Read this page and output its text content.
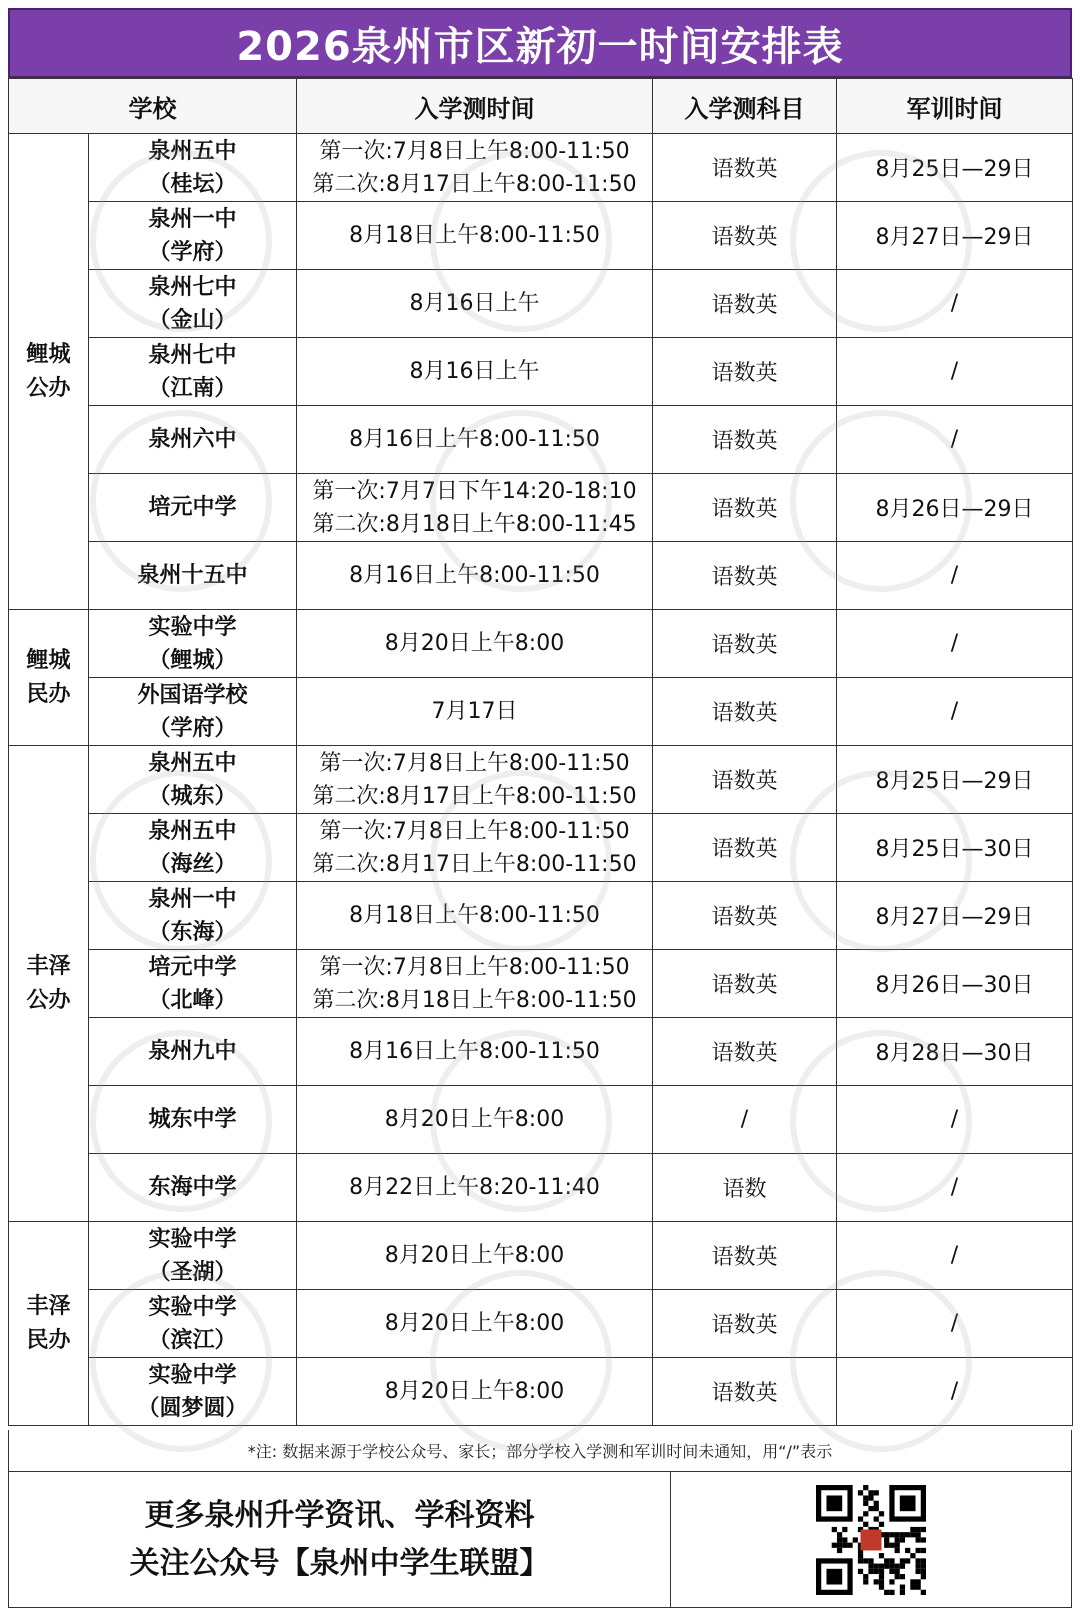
2026泉州市区新初一时间安排表
学校		入学测时间	入学测科目	军训时间

鲤城
公办	泉州五中
（桂坛）	第一次:7月8日上午8:00-11:50
第二次:8月17日上午8:00-11:50	语数英	8月25日—29日

	泉州一中
（学府）	8月18日上午8:00-11:50	语数英	8月27日—29日

	泉州七中
（金山）	8月16日上午	语数英	/

	泉州七中
（江南）	8月16日上午	语数英	/

	泉州六中	8月16日上午8:00-11:50	语数英	/

	培元中学	第一次:7月7日下午14:20-18:10
第二次:8月18日上午8:00-11:45	语数英	8月26日—29日

	泉州十五中	8月16日上午8:00-11:50	语数英	/

鲤城
民办	实验中学
（鲤城）	8月20日上午8:00	语数英	/

	外国语学校
（学府）	7月17日	语数英	/

丰泽
公办	泉州五中
（城东）	第一次:7月8日上午8:00-11:50
第二次:8月17日上午8:00-11:50	语数英	8月25日—29日

	泉州五中
（海丝）	第一次:7月8日上午8:00-11:50
第二次:8月17日上午8:00-11:50	语数英	8月25日—30日

	泉州一中
（东海）	8月18日上午8:00-11:50	语数英	8月27日—29日

	培元中学
（北峰）	第一次:7月8日上午8:00-11:50
第二次:8月18日上午8:00-11:50	语数英	8月26日—30日

	泉州九中	8月16日上午8:00-11:50	语数英	8月28日—30日

	城东中学	8月20日上午8:00	/	/

	东海中学	8月22日上午8:20-11:40	语数	/

丰泽
民办	实验中学
（圣湖）	8月20日上午8:00	语数英	/

	实验中学
（滨江）	8月20日上午8:00	语数英	/

	实验中学
（圆梦圆）	8月20日上午8:00	语数英	/
*注: 数据来源于学校公众号、家长；部分学校入学测和军训时间未通知，用“/”表示
更多泉州升学资讯、学科资料
关注公众号【泉州中学生联盟】
